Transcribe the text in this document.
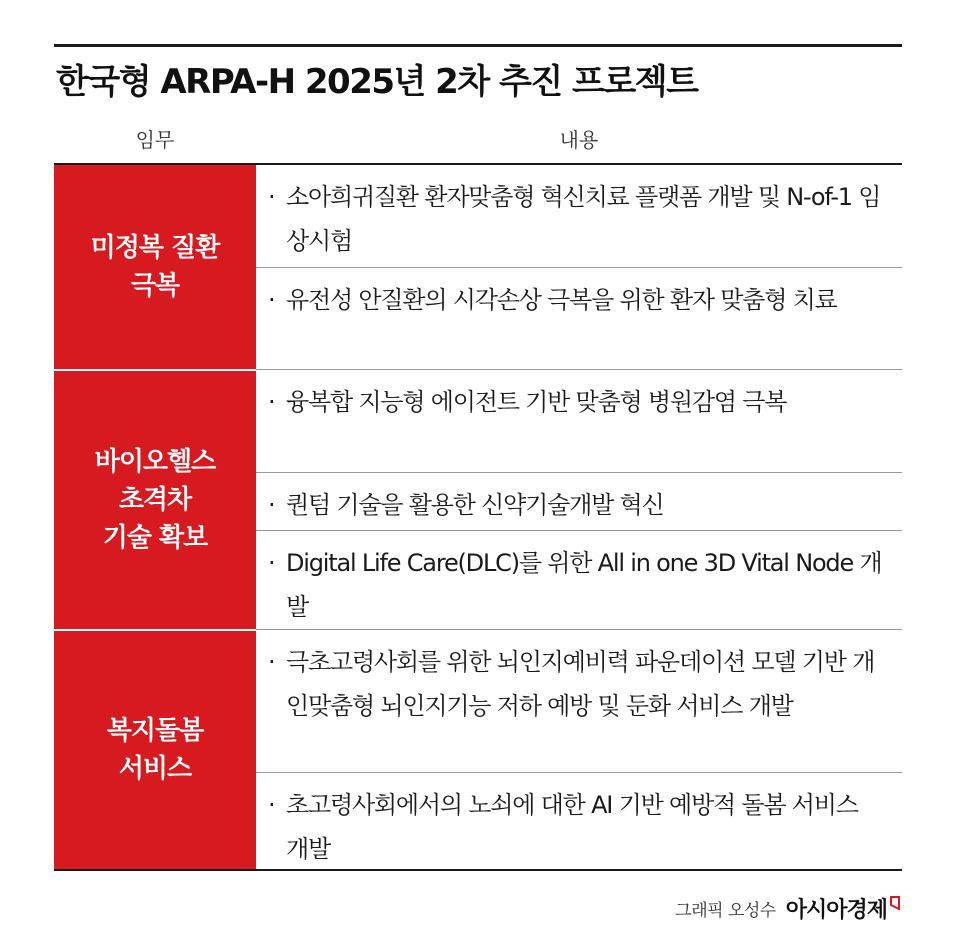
한국형 ARPA-H 2025년 2차 추진 프로젝트
임무	내용
미정복 질환
극복
· 소아희귀질환 환자맞춤형 혁신치료 플랫폼 개발 및 N-of-1 임상시험
· 유전성 안질환의 시각손상 극복을 위한 환자 맞춤형 치료
바이오헬스
초격차
기술 확보
· 융복합 지능형 에이전트 기반 맞춤형 병원감염 극복
· 퀀텀 기술을 활용한 신약기술개발 혁신
· Digital Life Care(DLC)를 위한 All in one 3D Vital Node 개발
복지돌봄
서비스
· 극초고령사회를 위한 뇌인지예비력 파운데이션 모델 기반 개인맞춤형 뇌인지기능 저하 예방 및 둔화 서비스 개발
· 초고령사회에서의 노쇠에 대한 AI 기반 예방적 돌봄 서비스 개발
그래픽 오성수 아시아경제
